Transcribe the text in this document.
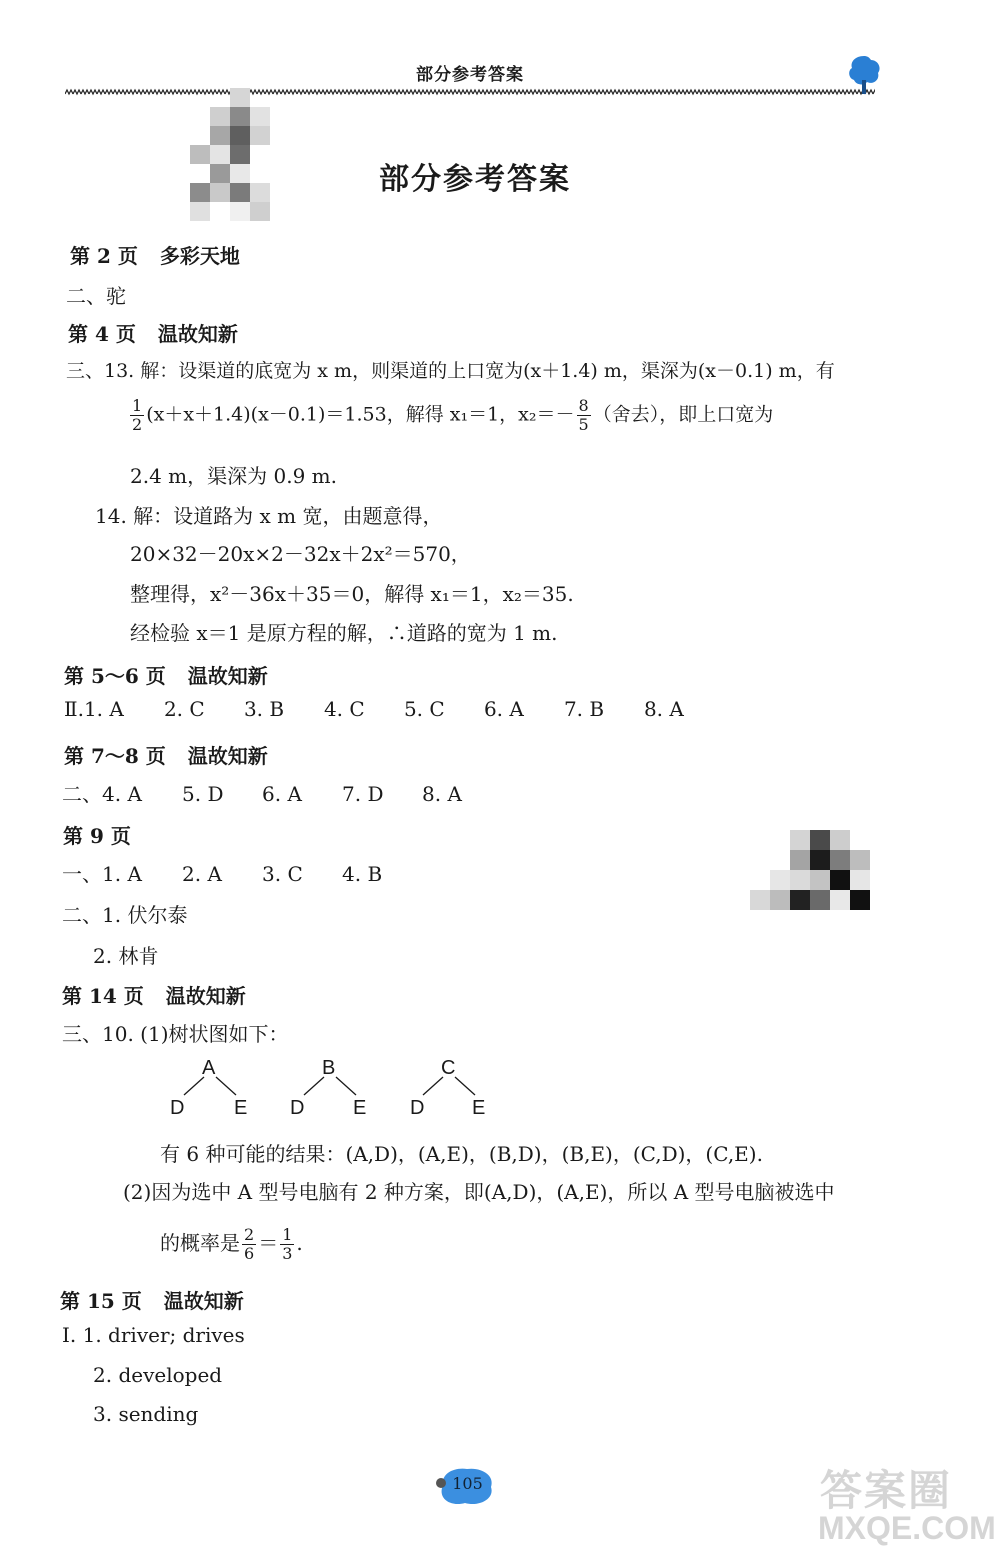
部分参考答案
部分参考答案
第 2 页 多彩天地
二、驼
第 4 页 温故知新
三、13. 解：设渠道的底宽为 x m，则渠道的上口宽为(x＋1.4) m，渠深为(x－0.1) m，有
$\frac{1}{2} (x+x+1.4)(x-0.1)=1.53$，解得 x₁＝1，$x_2=- \frac{8}{5}$ （舍去），即上口宽为
2.4 m，渠深为 0.9 m.
14. 解：设道路为 x m 宽，由题意得，
20×32－20x×2－32x＋2x²＝570，
整理得，x²－36x＋35＝0，解得 x₁＝1，x₂＝35.
经检验 x＝1 是原方程的解，∴道路的宽为 1 m.
第 5～6 页 温故知新
Ⅱ.1. A 2. C 3. B 4. C 5. C 6. A 7. B 8. A
第 7～8 页 温故知新
二、4. A 5. D 6. A 7. D 8. A
第 9 页
一、1. A 2. A 3. C 4. B
二、1. 伏尔泰
2. 林肯
第 14 页 温故知新
三、10. (1)树状图如下：
A
D E
B
D E
C
D E
有 6 种可能的结果：(A,D)，(A,E)，(B,D)，(B,E)，(C,D)，(C,E).
(2)因为选中 A 型号电脑有 2 种方案，即(A,D)，(A,E)，所以 A 型号电脑被选中
的概率是 $\frac{2}{6} = \frac{1}{3}$ .
第 15 页 温故知新
Ⅰ. 1. driver; drives
2. developed
3. sending
105	答案圈
MXQE.COM
